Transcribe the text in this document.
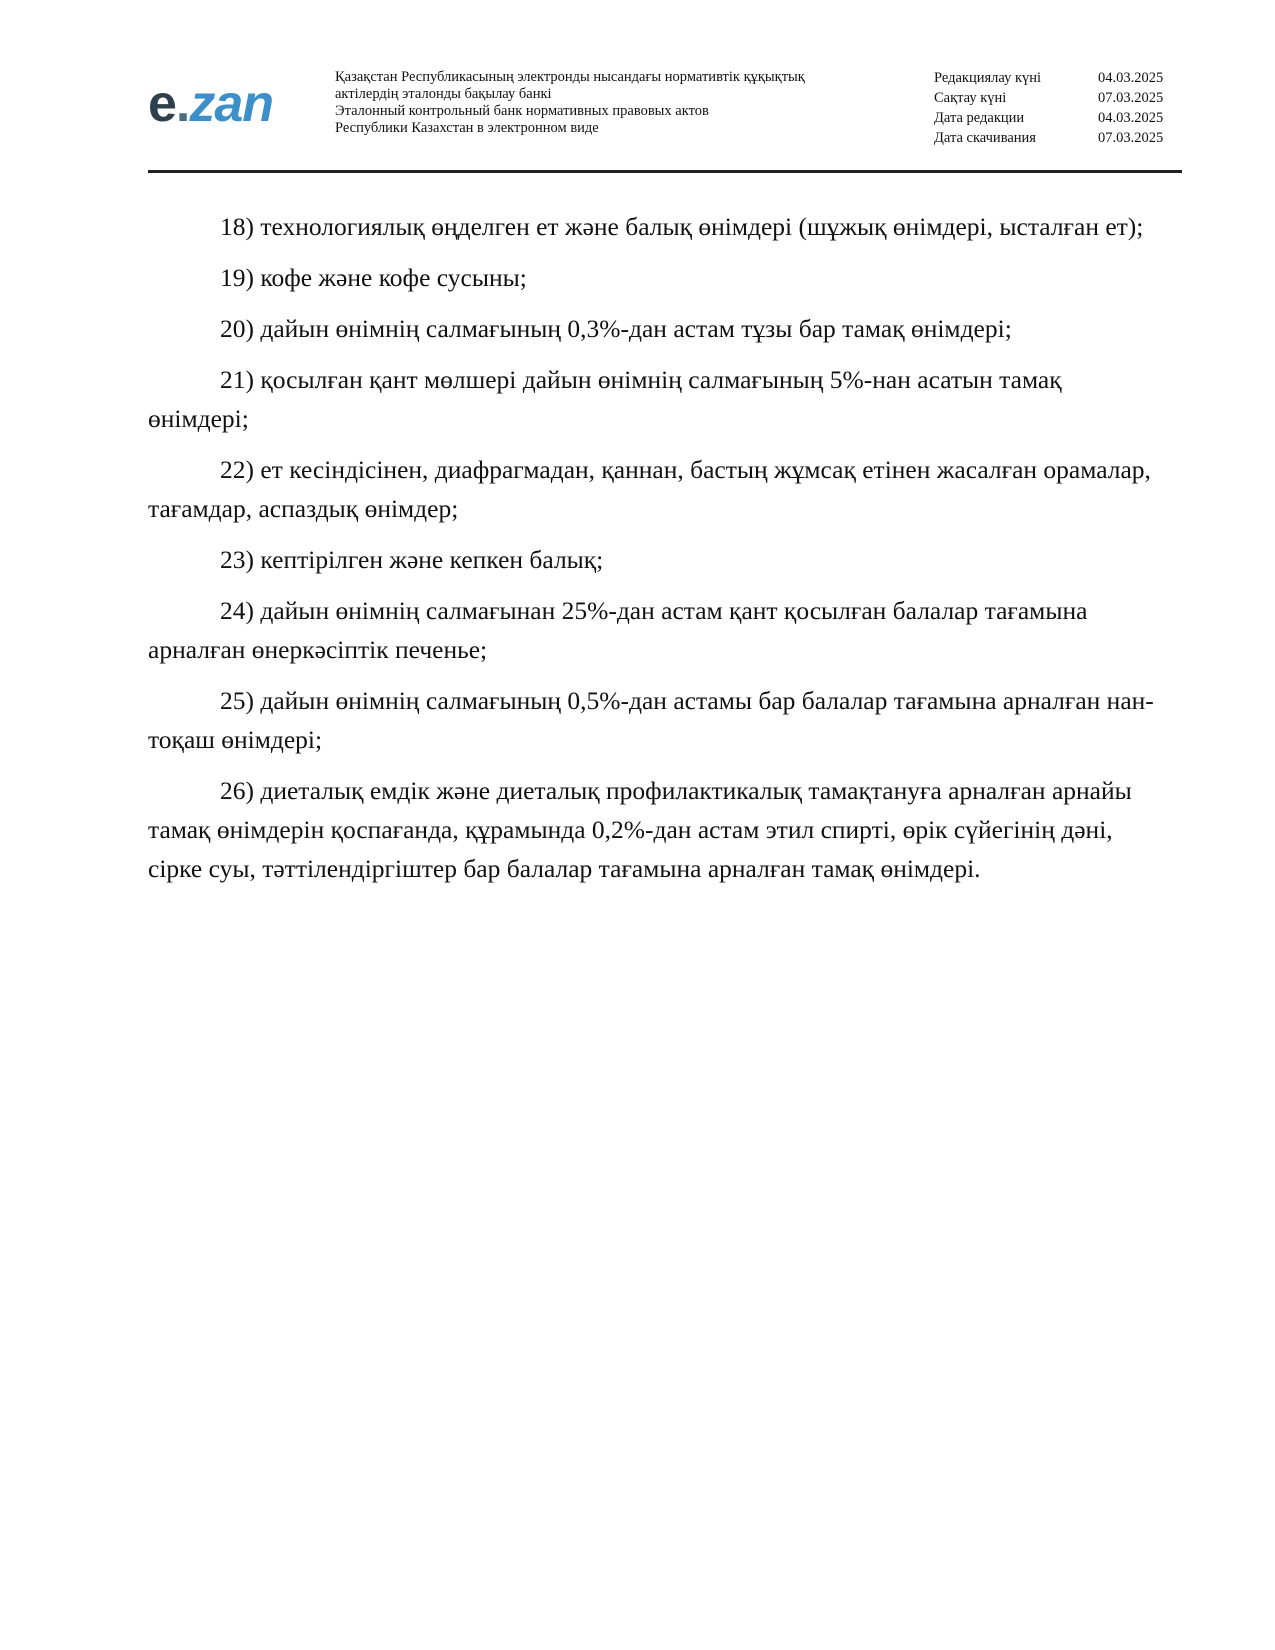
e.zan	Қазақстан Республикасының электронды нысандағы нормативтік құқықтық
актілердің эталонды бақылау банкі
Эталонный контрольный банк нормативных правовых актов
Республики Казахстан в электронном виде
Редакциялау күні	04.03.2025
Сақтау күні	07.03.2025
Дата редакции	04.03.2025
Дата скачивания	07.03.2025

18) технологиялық өңделген ет және балық өнімдері (шұжық өнімдері, ысталған ет);

19) кофе және кофе сусыны;

20) дайын өнімнің салмағының 0,3%-дан астам тұзы бар тамақ өнімдері;

21) қосылған қант мөлшері дайын өнімнің салмағының 5%-нан асатын тамақ өнімдері;

22) ет кесіндісінен, диафрагмадан, қаннан, бастың жұмсақ етінен жасалған орамалар, тағамдар, аспаздық өнімдер;

23) кептірілген және кепкен балық;

24) дайын өнімнің салмағынан 25%-дан астам қант қосылған балалар тағамына арналған өнеркәсіптік печенье;

25) дайын өнімнің салмағының 0,5%-дан астамы бар балалар тағамына арналған нан-тоқаш өнімдері;

26) диеталық емдік және диеталық профилактикалық тамақтануға арналған арнайы тамақ өнімдерін қоспағанда, құрамында 0,2%-дан астам этил спирті, өрік сүйегінің дәні, сірке суы, тәттілендіргіштер бар балалар тағамына арналған тамақ өнімдері.
